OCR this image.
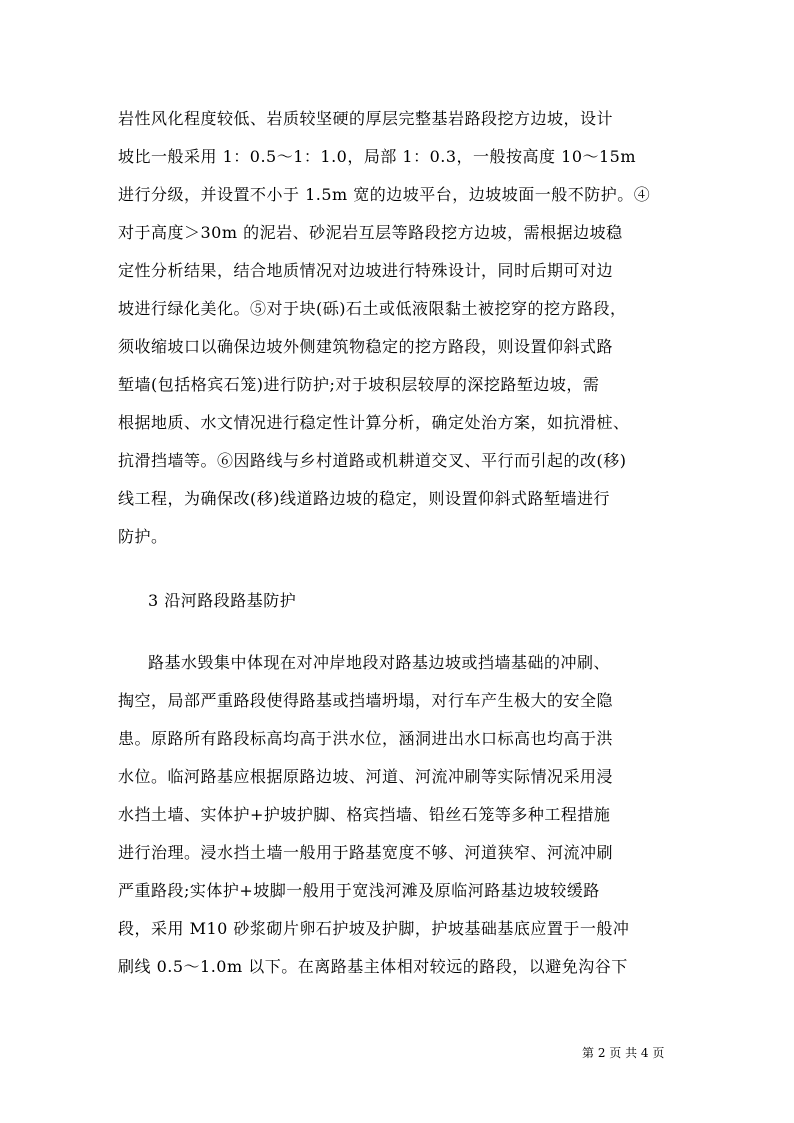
岩性风化程度较低、岩质较坚硬的厚层完整基岩路段挖方边坡，设计
坡比一般采用 1：0.5～1：1.0，局部 1：0.3，一般按高度 10～15m
进行分级，并设置不小于 1.5m 宽的边坡平台，边坡坡面一般不防护。④
对于高度＞30m 的泥岩、砂泥岩互层等路段挖方边坡，需根据边坡稳
定性分析结果，结合地质情况对边坡进行特殊设计，同时后期可对边
坡进行绿化美化。⑤对于块(砾)石土或低液限黏土被挖穿的挖方路段，
须收缩坡口以确保边坡外侧建筑物稳定的挖方路段，则设置仰斜式路
堑墙(包括格宾石笼)进行防护;对于坡积层较厚的深挖路堑边坡，需
根据地质、水文情况进行稳定性计算分析，确定处治方案，如抗滑桩、
抗滑挡墙等。⑥因路线与乡村道路或机耕道交叉、平行而引起的改(移)
线工程，为确保改(移)线道路边坡的稳定，则设置仰斜式路堑墙进行
防护。
3 沿河路段路基防护
路基水毁集中体现在对冲岸地段对路基边坡或挡墙基础的冲刷、
掏空，局部严重路段使得路基或挡墙坍塌，对行车产生极大的安全隐
患。原路所有路段标高均高于洪水位，涵洞进出水口标高也均高于洪
水位。临河路基应根据原路边坡、河道、河流冲刷等实际情况采用浸
水挡土墙、实体护+护坡护脚、格宾挡墙、铅丝石笼等多种工程措施
进行治理。浸水挡土墙一般用于路基宽度不够、河道狭窄、河流冲刷
严重路段;实体护+坡脚一般用于宽浅河滩及原临河路基边坡较缓路
段，采用 M10 砂浆砌片卵石护坡及护脚，护坡基础基底应置于一般冲
刷线 0.5～1.0m 以下。在离路基主体相对较远的路段，以避免沟谷下
第 2 页 共 4 页
